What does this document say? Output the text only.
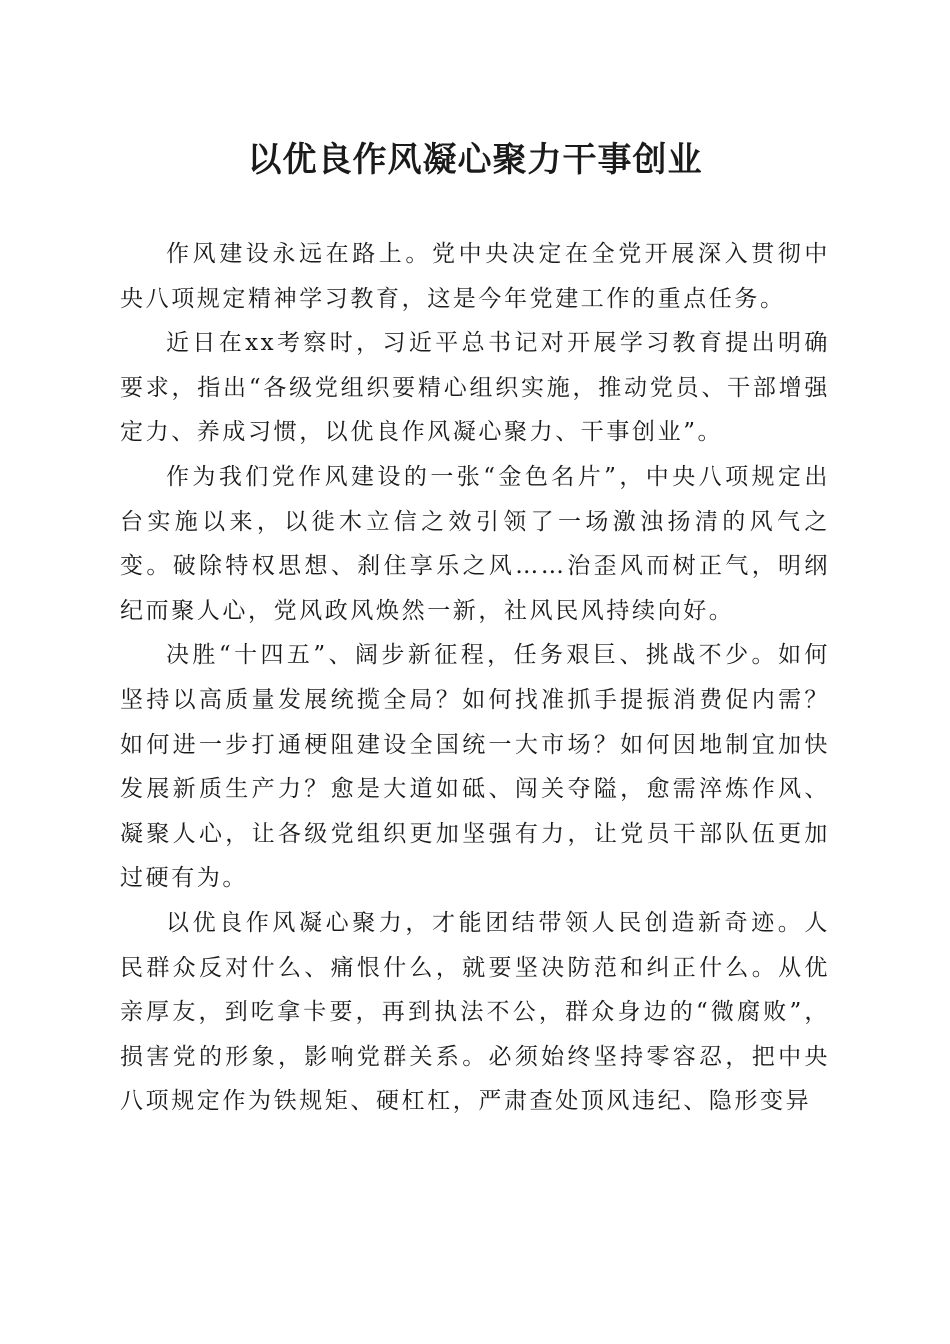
以优良作风凝心聚力干事创业

作风建设永远在路上。党中央决定在全党开展深入贯彻中央八项规定精神学习教育，这是今年党建工作的重点任务。

近日在xx考察时，习近平总书记对开展学习教育提出明确要求，指出“各级党组织要精心组织实施，推动党员、干部增强定力、养成习惯，以优良作风凝心聚力、干事创业”。

作为我们党作风建设的一张“金色名片”，中央八项规定出台实施以来，以徙木立信之效引领了一场激浊扬清的风气之变。破除特权思想、刹住享乐之风……治歪风而树正气，明纲纪而聚人心，党风政风焕然一新，社风民风持续向好。

决胜“十四五”、阔步新征程，任务艰巨、挑战不少。如何坚持以高质量发展统揽全局？如何找准抓手提振消费促内需？如何进一步打通梗阻建设全国统一大市场？如何因地制宜加快发展新质生产力？愈是大道如砥、闯关夺隘，愈需淬炼作风、凝聚人心，让各级党组织更加坚强有力，让党员干部队伍更加过硬有为。

以优良作风凝心聚力，才能团结带领人民创造新奇迹。人民群众反对什么、痛恨什么，就要坚决防范和纠正什么。从优亲厚友，到吃拿卡要，再到执法不公，群众身边的“微腐败”，损害党的形象，影响党群关系。必须始终坚持零容忍，把中央八项规定作为铁规矩、硬杠杠，严肃查处顶风违纪、隐形变异
